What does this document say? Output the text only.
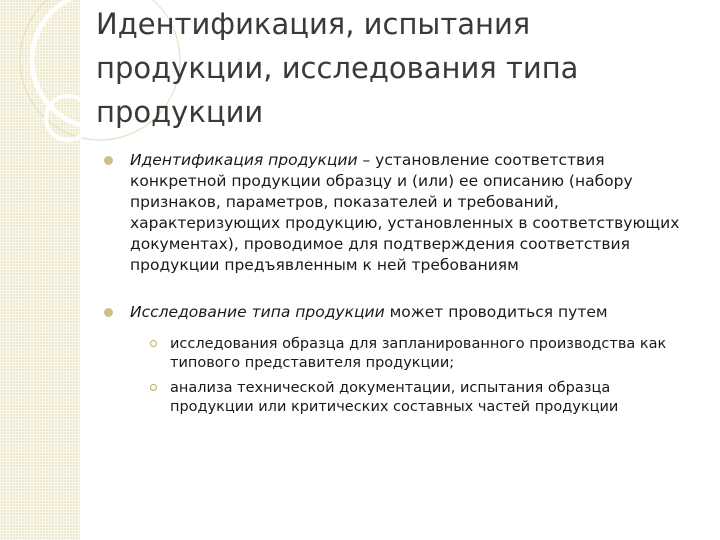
Идентификация, испытания продукции, исследования типа продукции
Идентификация продукции – установление соответствия конкретной продукции образцу и (или) ее описанию (набору признаков, параметров, показателей и требований, характеризующих продукцию, установленных в соответствующих документах), проводимое для подтверждения соответствия продукции предъявленным к ней требованиям
Исследование типа продукции может проводиться путем
исследования образца для запланированного производства как типового представителя продукции;
анализа технической документации, испытания образца продукции или критических составных частей продукции
